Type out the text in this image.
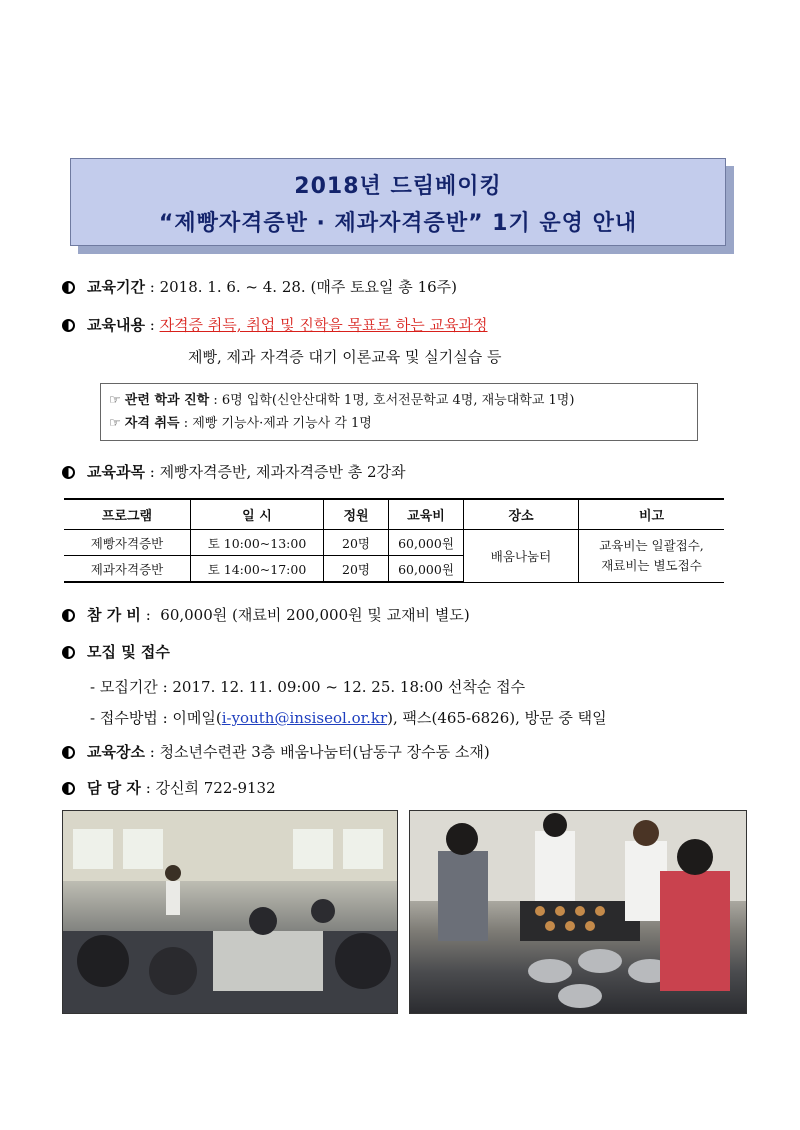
2018년 드림베이킹
“제빵자격증반 · 제과자격증반” 1기 운영 안내
교육기간 : 2018. 1. 6. ~ 4. 28. (매주 토요일 총 16주)
교육내용 : 자격증 취득, 취업 및 진학을 목표로 하는 교육과정
제빵, 제과 자격증 대기 이론교육 및 실기실습 등
☞ 관련 학과 진학 : 6명 입학(신안산대학 1명, 호서전문학교 4명, 재능대학교 1명)
☞ 자격 취득 : 제빵 기능사·제과 기능사 각 1명
교육과목 : 제빵자격증반, 제과자격증반 총 2강좌
프로그램	일 시	정원	교육비	장소	비고
제빵자격증반	토 10:00~13:00	20명	60,000원	배움나눔터	교육비는 일괄접수,
재료비는 별도접수

제과자격증반	토 14:00~17:00	20명	60,000원		
참 가 비 :  60,000원 (재료비 200,000원 및 교재비 별도)
모집 및 접수
- 모집기간 : 2017. 12. 11. 09:00 ~ 12. 25. 18:00 선착순 접수
- 접수방법 : 이메일(i-youth@insiseol.or.kr), 팩스(465-6826), 방문 중 택일
교육장소 : 청소년수련관 3층 배움나눔터(남동구 장수동 소재)
담 당 자 : 강신희 722-9132
